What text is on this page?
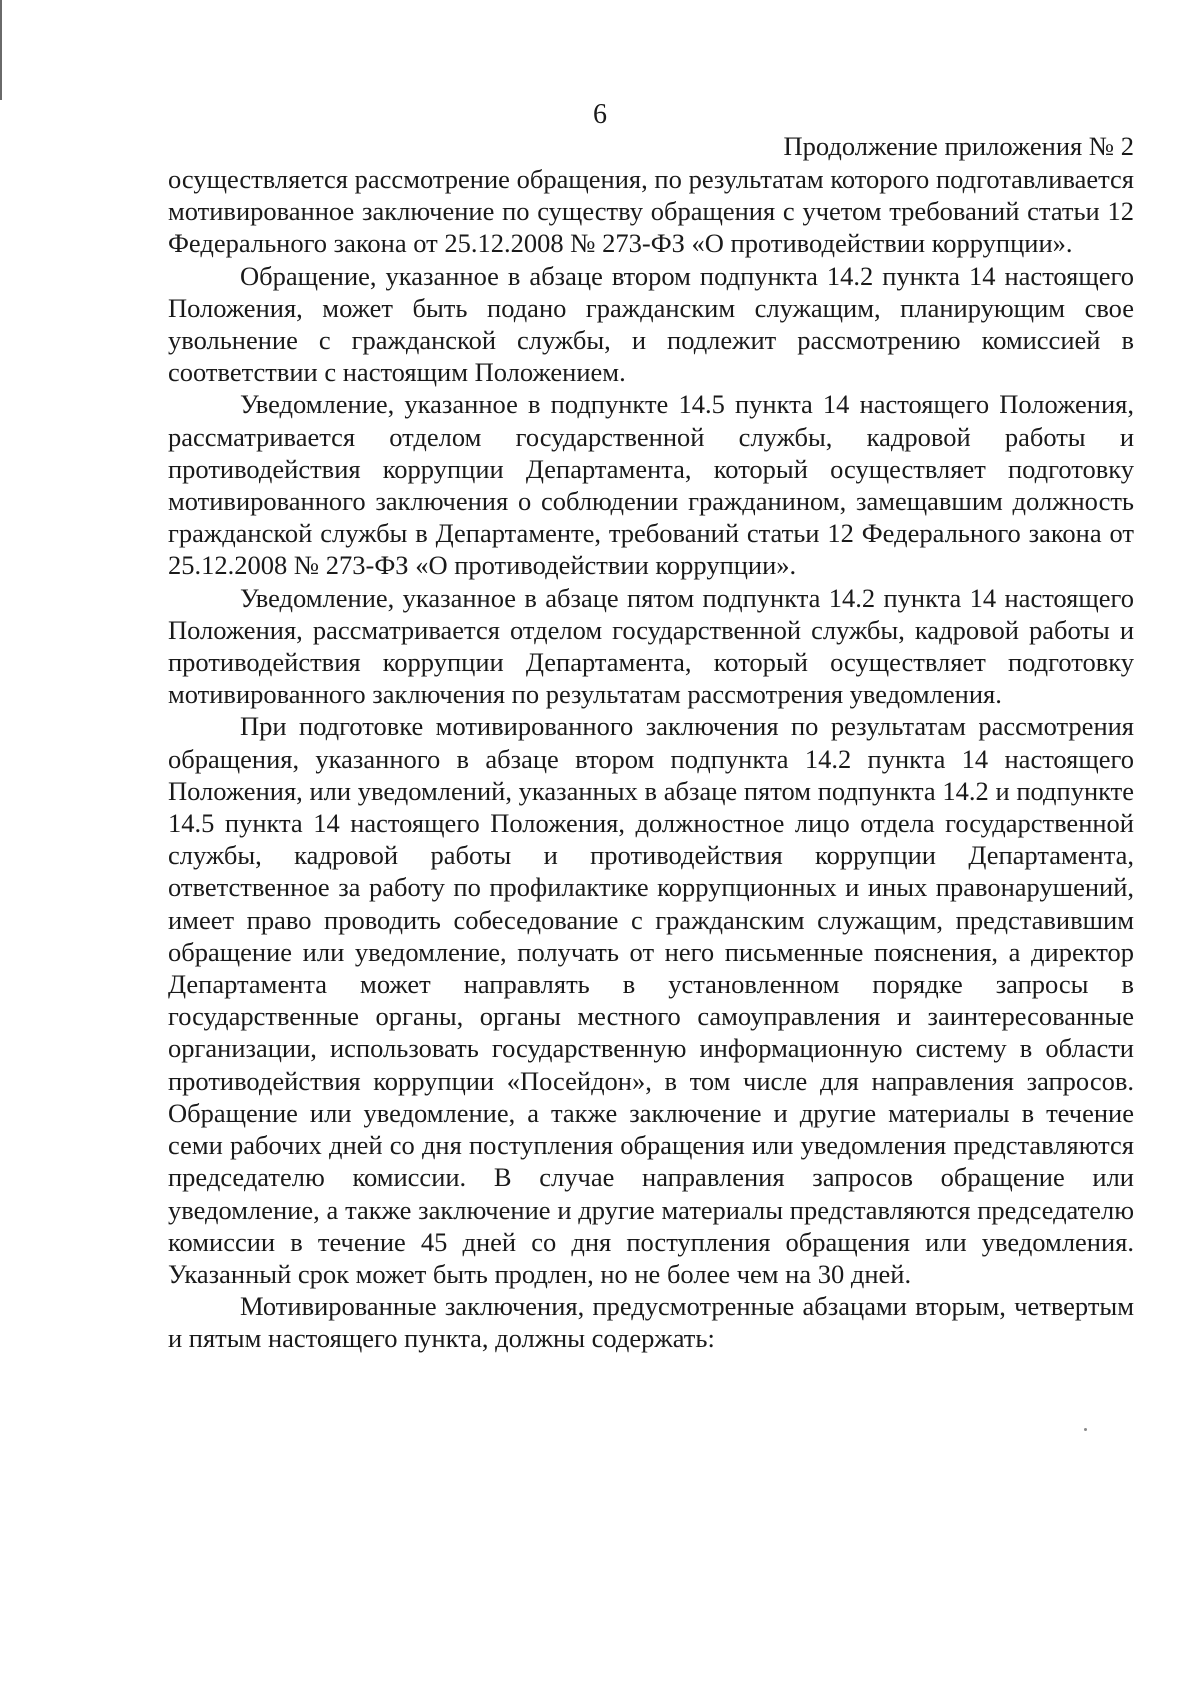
6
Продолжение приложения № 2

осуществляется рассмотрение обращения, по результатам которого подготавливается мотивированное заключение по существу обращения с учетом требований статьи 12 Федерального закона от 25.12.2008 № 273-ФЗ «О противодействии коррупции».

Обращение, указанное в абзаце втором подпункта 14.2 пункта 14 настоящего Положения, может быть подано гражданским служащим, планирующим свое увольнение с гражданской службы, и подлежит рассмотрению комиссией в соответствии с настоящим Положением.

Уведомление, указанное в подпункте 14.5 пункта 14 настоящего Положения, рассматривается отделом государственной службы, кадровой работы и противодействия коррупции Департамента, который осуществляет подготовку мотивированного заключения о соблюдении гражданином, замещавшим должность гражданской службы в Департаменте, требований статьи 12 Федерального закона от 25.12.2008 № 273-ФЗ «О противодействии коррупции».

Уведомление, указанное в абзаце пятом подпункта 14.2 пункта 14 настоящего Положения, рассматривается отделом государственной службы, кадровой работы и противодействия коррупции Департамента, который осуществляет подготовку мотивированного заключения по результатам рассмотрения уведомления.

При подготовке мотивированного заключения по результатам рассмотрения обращения, указанного в абзаце втором подпункта 14.2 пункта 14 настоящего Положения, или уведомлений, указанных в абзаце пятом подпункта 14.2 и подпункте 14.5 пункта 14 настоящего Положения, должностное лицо отдела государственной службы, кадровой работы и противодействия коррупции Департамента, ответственное за работу по профилактике коррупционных и иных правонарушений, имеет право проводить собеседование с гражданским служащим, представившим обращение или уведомление, получать от него письменные пояснения, а директор Департамента может направлять в установленном порядке запросы в государственные органы, органы местного самоуправления и заинтересованные организации, использовать государственную информационную систему в области противодействия коррупции «Посейдон», в том числе для направления запросов. Обращение или уведомление, а также заключение и другие материалы в течение семи рабочих дней со дня поступления обращения или уведомления представляются председателю комиссии. В случае направления запросов обращение или уведомление, а также заключение и другие материалы представляются председателю комиссии в течение 45 дней со дня поступления обращения или уведомления. Указанный срок может быть продлен, но не более чем на 30 дней.

Мотивированные заключения, предусмотренные абзацами вторым, четвертым и пятым настоящего пункта, должны содержать:
